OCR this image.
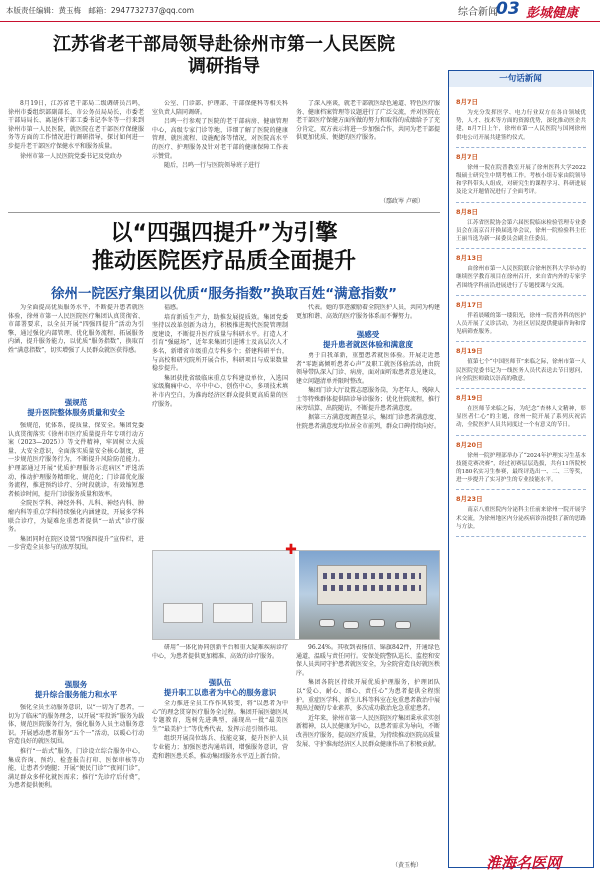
本版责任编辑：黄玉梅 邮箱：2947732737@qq.com	综合新闻
03 彭城健康
江苏省老干部局领导赴徐州市第一人民医院
调研指导

8月19日，江苏省老干部局二级调研员吕鸣，徐州市委组织部副部长、市公务员局局长，市委老干部局局长、离退休干部工委书记李冬等一行来到徐州市第一人民医院，就医院在老干部医疗保健服务等方面的工作情况进行调研指导，探讨如何进一步提升老干部医疗保健水平和服务质量。

徐州市第一人民医院党委书记及党政办

公室、门诊部、护理部、干部保健科等相关科室负责人陪同调研。

吕鸣一行参观了医院的老干部病房、健康管理中心，高级专家门诊等地，详细了解了医院的健康管理、就医流程、设施配备等情况，对医院高水平的医疗、护理服务及针对老干部的健康保障工作表示赞赏。

随后，吕鸣一行与医院领导班子进行

了深入座谈，就老干部就医绿色通道、特色医疗服务、健康档案管理等议题进行了广泛交流，并对医院在老干部医疗保健方面所做的努力和取得的成绩给予了充分肯定，双方表示将进一步加强合作，共同为老干部提供更加优质、便捷的医疗服务。

（鄢政岑 卢硕）
以“四强四提升”为引擎
推动医院医疗品质全面提升
徐州一院医疗集团以优质“服务指数”换取百姓“满意指数”

为全面提高优质服务水平，不断提升患者就医体验，徐州市第一人民医院医疗集团认真贯彻省、市部署要求，以全员开展“四强四提升”活动为引擎，通过强化内部管理、优化服务流程、拓展服务内涵，提升服务能力，以优质“服务指数”，换取百姓“满意指数”，切实增强了人民群众就医获得感。

强规范
提升医院整体服务质量和安全

强规范，优体系，提质量，保安全。集团党委认真贯彻落实《徐州市医疗质量提升年专项行动方案（2023—2025）》等文件精神，牢固树立大质量、大安全意识，全面落实质量安全核心制度，进一步规范医疗服务行为，不断提升风险防范能力。护理部通过开展“优质护理服务示范病区”评选活动，推动护理服务精细化、规范化；门诊部优化服务流程，推进预约诊疗、分时段就诊，有效缩短患者候诊时间，提升门诊服务质量和效率。

全院医学科、神经外科、儿科、神经内科、肿瘤内科等重点学科持续强化内涵建设，开展多学科联合诊疗，为疑难危重患者提供“一站式”诊疗服务。

集团同时在院区设置“四强四提升”宣传栏，进一步营造全员参与的浓厚氛围。

强服务
提升综合服务能力和水平

强化全员主动服务意识，以“一切为了患者，一切为了临床”的服务理念，以开展“零投诉”服务为载体，规范医院服务行为，强化服务人员主动服务意识。开展感动患者服务“五个一”活动，以暖心行动营造良好的就医氛围。

推行“一站式”服务，门诊设立综合服务中心，集成咨询、预约、检查报告打印、医保审核等功能，让患者少跑腿；开展“便民门诊”“夜间门诊”，满足群众多样化就医需求；推行“先诊疗后付费”，为患者提供便利。

福感。

培育新质生产力，助推发展提质效。集团党委坚持以改革创新为动力，积极推进现代医院管理制度建设，不断提升医疗质量与科研水平。打造人才引育“强磁场”，近年来集团引进博士及高层次人才多名，新增省市级重点专科多个；搭建科研平台，与高校和研究院所开展合作，科研项目与成果数量稳步提升。

集团获批省级临床重点专科建设单位，入选国家级胸痛中心、卒中中心、创伤中心，多项技术填补市内空白，为淮海经济区群众提供更高质量的医疗服务。

代表。她的事迹激励着全院医护人员，共同为构建更加和谐、高效的医疗服务体系而不懈努力。

强感受
提升患者就医体验和满意度

勇于自我革新，重塑患者就医体验。开展走近患者“零距离倾听患者心声”及职工就医体验活动，由院领导带队深入门诊、病房，面对面听取患者意见建议，建立问题清单并限时整改。

集团门诊大厅设置志愿服务岗，为老年人、残障人士等特殊群体提供陪诊导诊服务；优化住院流程，推行床旁结算、出院随访，不断提升患者满意度。

据第三方满意度调查显示，集团门诊患者满意度、住院患者满意度均位居全市前列，群众口碑持续向好。

✚

研用”一体化协同创新平台和重大疑难疾病诊疗中心，为患者提供更加精准、高效的诊疗服务。

强队伍
提升职工以患者为中心的服务意识

全力推进全员工作作风转变，将“以患者为中心”的理念贯穿医疗服务全过程。集团开展医德医风专题教育，选树先进典型，涌现出一批“最美医生”“最美护士”等优秀代表，发挥示范引领作用。

组织开展岗位练兵、技能竞赛，提升医护人员专业能力；加强医患沟通培训，增强服务意识，营造和谐医患关系，推动集团服务水平迈上新台阶。

96.24%。其收到表扬信、锦旗842件，开通绿色通道，温暖与责任同行。安保处院警队巡长、监控和安保人员共同守护患者就医安全，为全院营造良好就医秩序。

集团各院区持续开展优质护理服务，护理团队以“爱心、耐心、细心、责任心”为患者提供全程照护。重症医学科、新生儿科等科室在危重患者救治中展现出过硬的专业素养，多次成功救治危急重症患者。

近年来，徐州市第一人民医院医疗集团秉承求实创新精神，以人民健康为中心，以患者需求为导向，不断改善医疗服务，提高医疗质量，为持续推动医院高质量发展、守护淮海经济区人民群众健康作出了积极贡献。

（黄玉梅）
一句话新闻
8月7日
为充分发挥医学、电力行业双方在各自领域优势，人才、技术等方面的资源优势，深化推动医企共建，8月7日上午，徐州市第一人民医院与国网徐州供电公司开展共建签约仪式。
8月7日
徐州一院在院普教室开展了徐州医科大学2022级硕士研究生中期考核工作。考核小组专家由院领导和学科带头人组成，对研究生的课程学习、科研进展及论文开题情况进行了全面考评。
8月8日
江苏省医院协会第六届医院临床检验管理专业委员会在南京召开换届选举会议，徐州一院检验科主任王丽当选为新一届委员会副主任委员。
8月13日
由徐州市第一人民医院联合徐州医科大学举办的继续医学教育项目在徐州召开，来自省内外的专家学者围绕学科前沿进展进行了专题授课与交流。
8月17日
伴着晨曦的第一缕阳光，徐州一院普外科的医护人员开展了义诊活动，为社区居民提供健康咨询和常见病筛查服务。
8月19日
值第七个“中国医师节”来临之际，徐州市第一人民医院党委书记为一线医务人员代表送去节日慰问，向全院医师致以崇高的敬意。
8月19日
在医师节来临之际，为纪念“杏林人文精神，彰显医者仁心”的主题，徐州一院开展了系列庆祝活动，全院医护人员共同度过一个有意义的节日。
8月20日
徐州一院护理部举办了“2024年护理实习生基本技能竞赛决赛”，经过初赛层层选拔，共有11所院校的180名实习生参赛，最终评选出一、二、三等奖，进一步提升了实习护生的专业技能水平。
8月23日
南京八重医院内分泌科主任前来徐州一院开展学术交流，为徐州地区内分泌疾病诊治提供了新的思路与方法。
淮海名医网
